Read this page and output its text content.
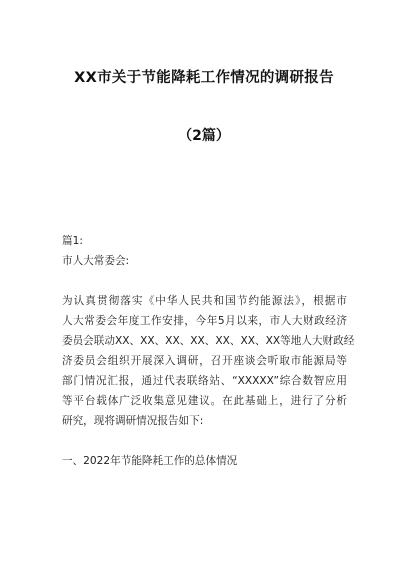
XX市关于节能降耗工作情况的调研报告
（2篇）
篇1:
市人大常委会:
为认真贯彻落实《中华人民共和国节约能源法》，根据市
人大常委会年度工作安排，今年5月以来，市人大财政经济
委员会联动XX、XX、XX、XX、XX、XX、XX等地人大财政经
济委员会组织开展深入调研，召开座谈会听取市能源局等
部门情况汇报，通过代表联络站、“XXXXX”综合数智应用
等平台载体广泛收集意见建议。在此基础上，进行了分析
研究，现将调研情况报告如下:
一、2022年节能降耗工作的总体情况
